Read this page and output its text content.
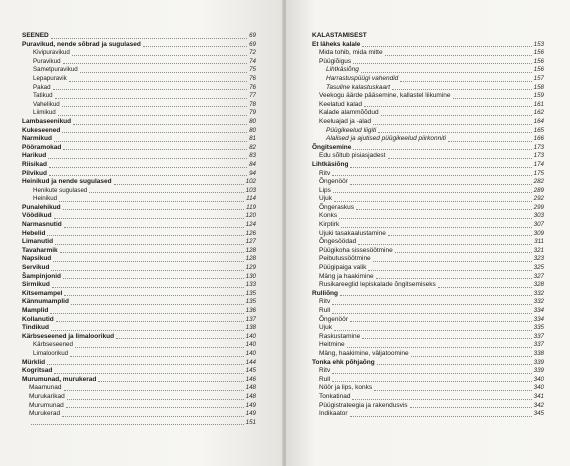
SEENED	69
Puravikud, nende sõbrad ja sugulased	69
Kivipuravikud	72
Puravikud	74
Sametpuravikud	75
Lepapuravik	76
Pakad	76
Tatikud	77
Vahelikud	78
Liimikud	79
Lambaseenikud	80
Kukeseened	80
Narmikud	81
Pööramokad	82
Harikud	83
Riisikad	84
Pilvikud	94
Heinikud ja nende sugulased	102
Henikute sugulased	103
Heinikud	114
Punalehikud	119
Vöödikud	120
Narmasnutid	124
Hebelid	126
Limanutid	127
Tavaharmik	128
Napsikud	128
Servikud	129
Šampinjonid	130
Sirmikud	133
Kitsemampel	135
Kännumamplid	135
Mamplid	136
Kollanutid	137
Tindikud	138
Kärbseseened ja limaloorikud	140
Kärbseseened	140
Limaloorikud	140
Mürklid	144
Kogritsad	145
Murumunad, murukerad	146
Maamunad	148
Murukarikad	148
Murumunad	149
Murukerad	149
151
KALASTAMISEST
Et läheks kalale	153
Mida tohib, mida mitte	156
Püügiõigus	156
Lihtkäsiõng	156
Harrastuspüügi vahendid	157
Tasuline kalastuskaart	158
Veekogu äärde pääsemine, kallastel liikumine	159
Keelatud kalad	161
Kalade alammõõdud	162
Keeluajad ja -alad	164
Püügikeelud liigiti	165
Alalised ja ajutised püügikeelud piirkonniti	166
Õngitsemine	173
Edu sõltub pisiasjadest	173
Lihtkäsiõng	174
Ritv	175
Õngenöör	282
Lips	289
Ujuk	292
Õngeraskus	299
Konks	303
Kirptirk	307
Ujuki tasakaalustamine	309
Õngesöödad	311
Püügikoha sissesöötmine	321
Peibutussöötmine	323
Püügipaiga valik	325
Mäng ja haakimine	327
Rusikareeglid lepiskalade õngitsemiseks	328
Rulliõng	332
Ritv	332
Rull	334
Õngenöör	334
Ujuk	335
Raskustamine	337
Heitmine	337
Mäng, haakimine, väljatoomine	338
Tonka ehk põhjaõng	339
Ritv	339
Rull	340
Nöör ja lips, konks	340
Tonkatinad	341
Püügistrateegia ja rakendusvis	342
Indikaator	345
